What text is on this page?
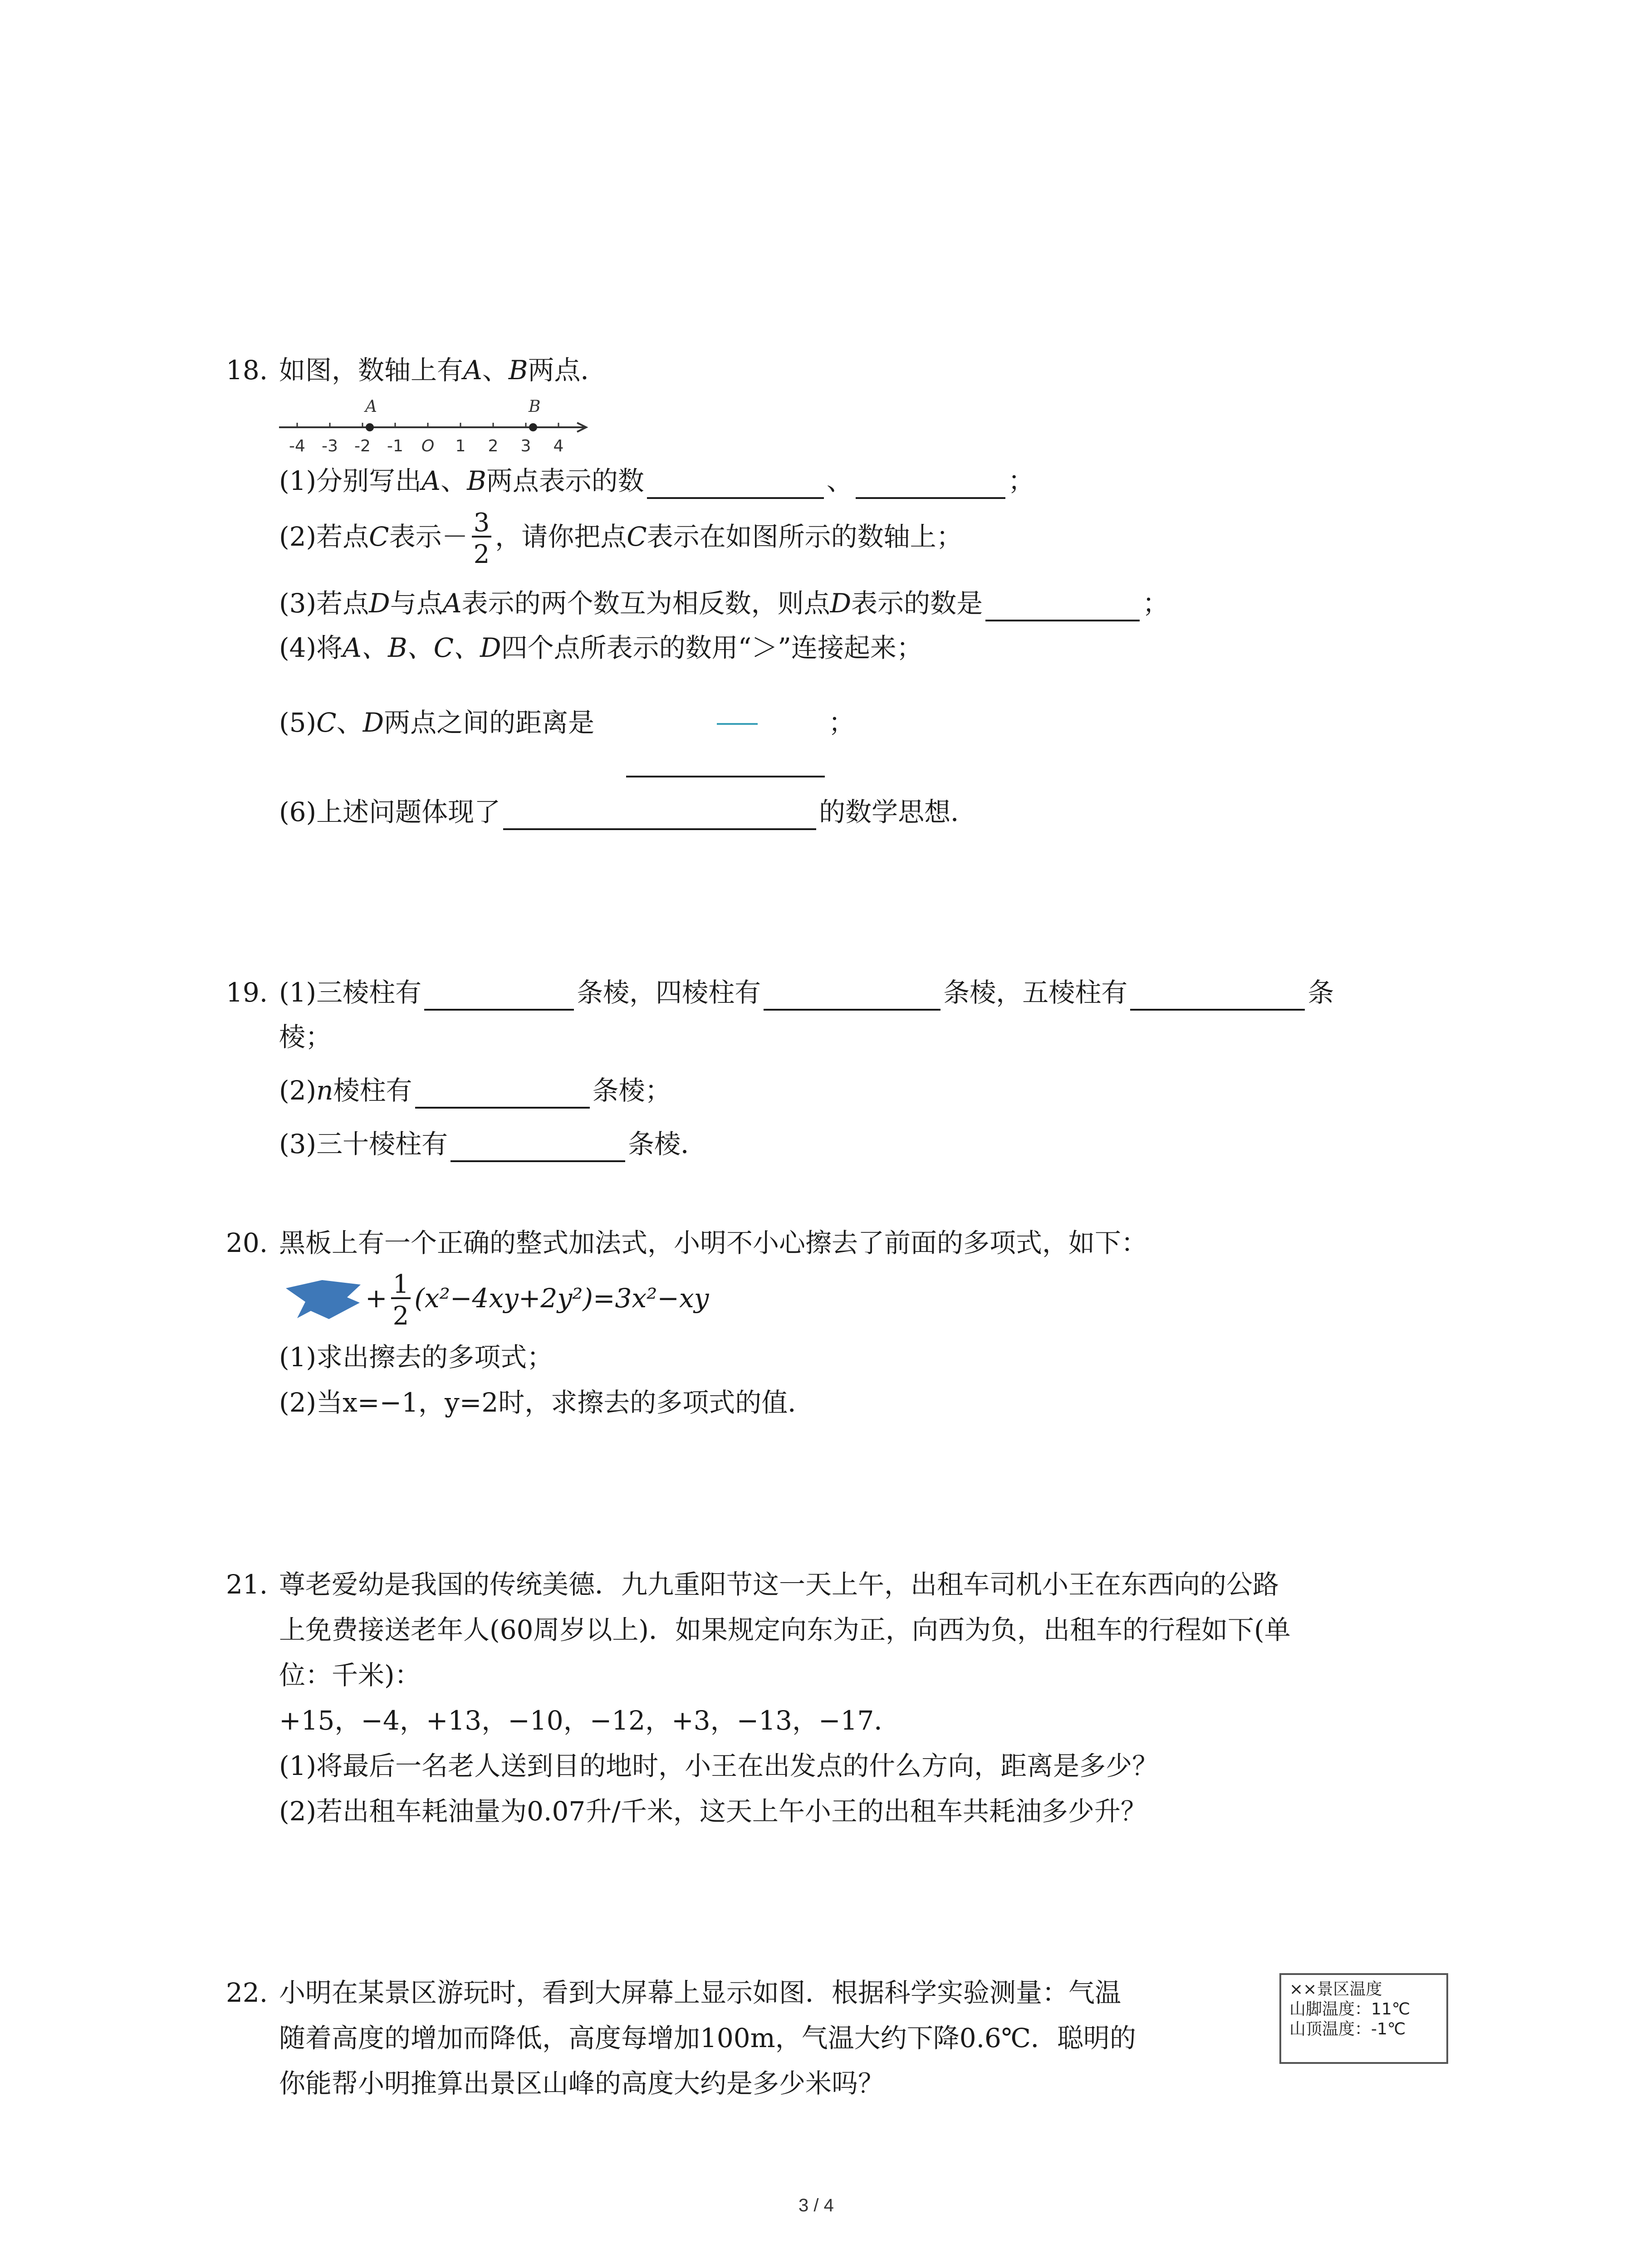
18. 如图，数轴上有A、B两点．
-4 -3 -2 -1 O 1 2 3 4
A	B
(1)分别写出A、B两点表示的数	、	；
(2)若点C表示－ $\frac{3}{2}$ ，请你把点C表示在如图所示的数轴上；
(3)若点D与点A表示的两个数互为相反数，则点D表示的数是	；
(4)将A、B、C、D四个点所表示的数用“＞”连接起来；
(5)C、D两点之间的距离是	；
(6)上述问题体现了	的数学思想．
19. (1)三棱柱有	条棱，四棱柱有	条棱，五棱柱有	条
棱；
(2)n棱柱有	条棱；
(3)三十棱柱有	条棱．
20. 黑板上有一个正确的整式加法式，小明不小心擦去了前面的多项式，如下：
+ $\frac{1}{2} (x^2-4xy+2y^2)=3x^2-xy$
(1)求出擦去的多项式；
(2)当x=−1，y=2时，求擦去的多项式的值．
21. 尊老爱幼是我国的传统美德．九九重阳节这一天上午，出租车司机小王在东西向的公路
上免费接送老年人(60周岁以上)．如果规定向东为正，向西为负，出租车的行程如下(单
位：千米)：
+15，−4，+13，−10，−12，+3，−13，−17．
(1)将最后一名老人送到目的地时，小王在出发点的什么方向，距离是多少？
(2)若出租车耗油量为0.07升/千米，这天上午小王的出租车共耗油多少升？
22. 小明在某景区游玩时，看到大屏幕上显示如图．根据科学实验测量：气温
随着高度的增加而降低，高度每增加100m，气温大约下降0.6℃．聪明的
你能帮小明推算出景区山峰的高度大约是多少米吗？
××景区温度
山脚温度：11℃
山顶温度：-1℃
3 / 4
